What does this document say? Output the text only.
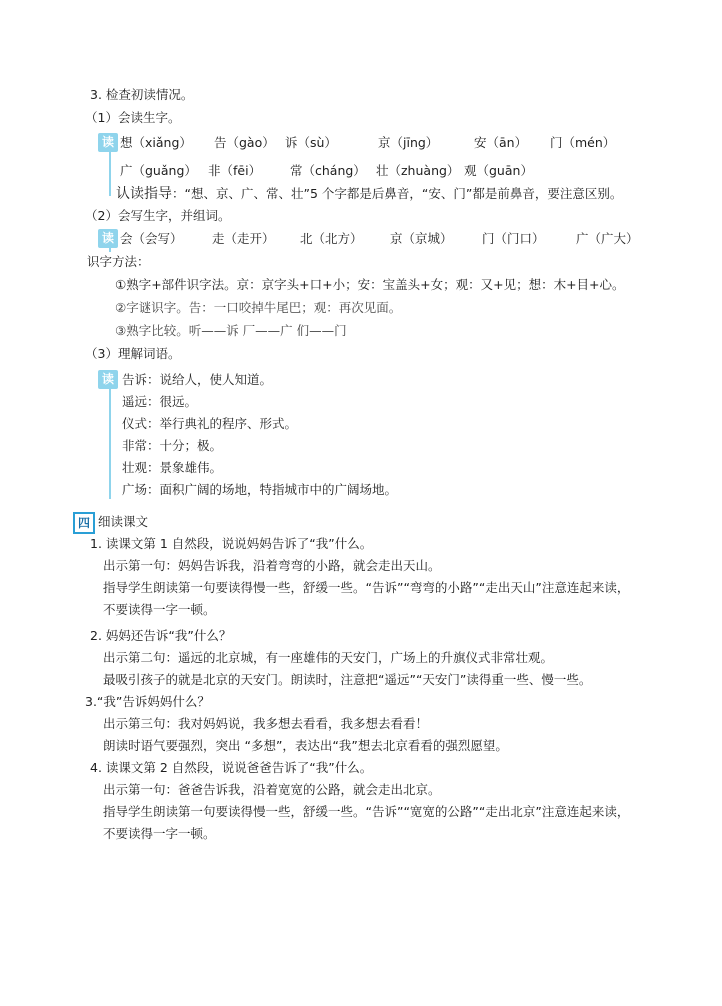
3. 检查初读情况。
（1）会读生字。
读 想（xiǎng） 告（gào） 诉（sù）	京（jīng）	安（ān） 门（mén）
广（guǎng） 非（fēi） 常（cháng） 壮（zhuàng） 观（guān）
认读指导：“想、京、广、常、壮”5 个字都是后鼻音，“安、门”都是前鼻音，要注意区别。
（2）会写生字，并组词。
读 会（会写） 走（走开） 北（北方） 京（京城） 门（门口）	广（广大）
识字方法：
①熟字+部件识字法。京：京字头+口+小；安：宝盖头+女；观：又+见；想：木+目+心。
②字谜识字。告：一口咬掉牛尾巴；观：再次见面。
③熟字比较。听——诉 厂——广 们——门
（3）理解词语。
读 告诉：说给人，使人知道。
遥远：很远。
仪式：举行典礼的程序、形式。
非常：十分；极。
壮观：景象雄伟。
广场：面积广阔的场地，特指城市中的广阔场地。
四 细读课文
1. 读课文第 1 自然段，说说妈妈告诉了“我”什么。
出示第一句：妈妈告诉我，沿着弯弯的小路，就会走出天山。
指导学生朗读第一句要读得慢一些，舒缓一些。“告诉”“弯弯的小路”“走出天山”注意连起来读，
不要读得一字一顿。
2. 妈妈还告诉“我”什么？
出示第二句：遥远的北京城，有一座雄伟的天安门，广场上的升旗仪式非常壮观。
最吸引孩子的就是北京的天安门。朗读时，注意把“遥远”“天安门”读得重一些、慢一些。
3.“我”告诉妈妈什么？
出示第三句：我对妈妈说，我多想去看看，我多想去看看！
朗读时语气要强烈，突出 “多想”，表达出“我”想去北京看看的强烈愿望。
4. 读课文第 2 自然段，说说爸爸告诉了“我”什么。
出示第一句：爸爸告诉我，沿着宽宽的公路，就会走出北京。
指导学生朗读第一句要读得慢一些，舒缓一些。“告诉”“宽宽的公路”“走出北京”注意连起来读，
不要读得一字一顿。
